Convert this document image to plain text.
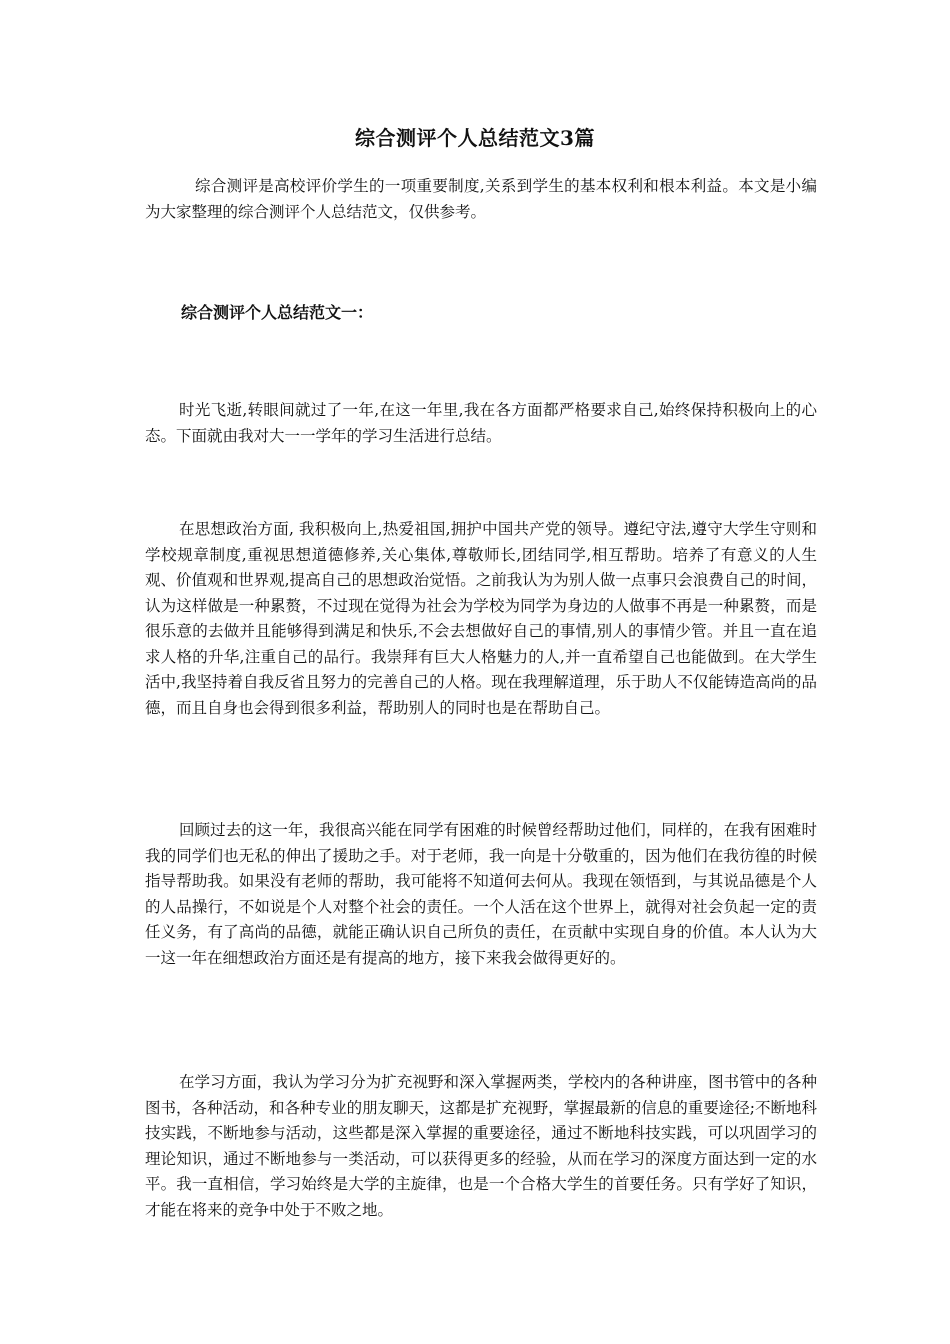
综合测评个人总结范文3篇

综合测评是高校评价学生的一项重要制度,关系到学生的基本权利和根本利益。本文是小编为大家整理的综合测评个人总结范文，仅供参考。

综合测评个人总结范文一：

时光飞逝,转眼间就过了一年,在这一年里,我在各方面都严格要求自己,始终保持积极向上的心态。下面就由我对大一一学年的学习生活进行总结。

在思想政治方面, 我积极向上,热爱祖国,拥护中国共产党的领导。遵纪守法,遵守大学生守则和学校规章制度,重视思想道德修养,关心集体,尊敬师长,团结同学,相互帮助。培养了有意义的人生观、价值观和世界观,提高自己的思想政治觉悟。之前我认为为别人做一点事只会浪费自己的时间，认为这样做是一种累赘，不过现在觉得为社会为学校为同学为身边的人做事不再是一种累赘，而是很乐意的去做并且能够得到满足和快乐,不会去想做好自己的事情,别人的事情少管。并且一直在追求人格的升华,注重自己的品行。我崇拜有巨大人格魅力的人,并一直希望自己也能做到。在大学生活中,我坚持着自我反省且努力的完善自己的人格。现在我理解道理，乐于助人不仅能铸造高尚的品德，而且自身也会得到很多利益，帮助别人的同时也是在帮助自己。

回顾过去的这一年，我很高兴能在同学有困难的时候曾经帮助过他们，同样的，在我有困难时我的同学们也无私的伸出了援助之手。对于老师，我一向是十分敬重的，因为他们在我彷徨的时候指导帮助我。如果没有老师的帮助，我可能将不知道何去何从。我现在领悟到，与其说品德是个人的人品操行，不如说是个人对整个社会的责任。一个人活在这个世界上，就得对社会负起一定的责任义务，有了高尚的品德，就能正确认识自己所负的责任，在贡献中实现自身的价值。本人认为大一这一年在细想政治方面还是有提高的地方，接下来我会做得更好的。

在学习方面，我认为学习分为扩充视野和深入掌握两类，学校内的各种讲座，图书管中的各种图书，各种活动，和各种专业的朋友聊天，这都是扩充视野，掌握最新的信息的重要途径;不断地科技实践，不断地参与活动，这些都是深入掌握的重要途径，通过不断地科技实践，可以巩固学习的理论知识，通过不断地参与一类活动，可以获得更多的经验，从而在学习的深度方面达到一定的水平。我一直相信，学习始终是大学的主旋律，也是一个合格大学生的首要任务。只有学好了知识，才能在将来的竞争中处于不败之地。
